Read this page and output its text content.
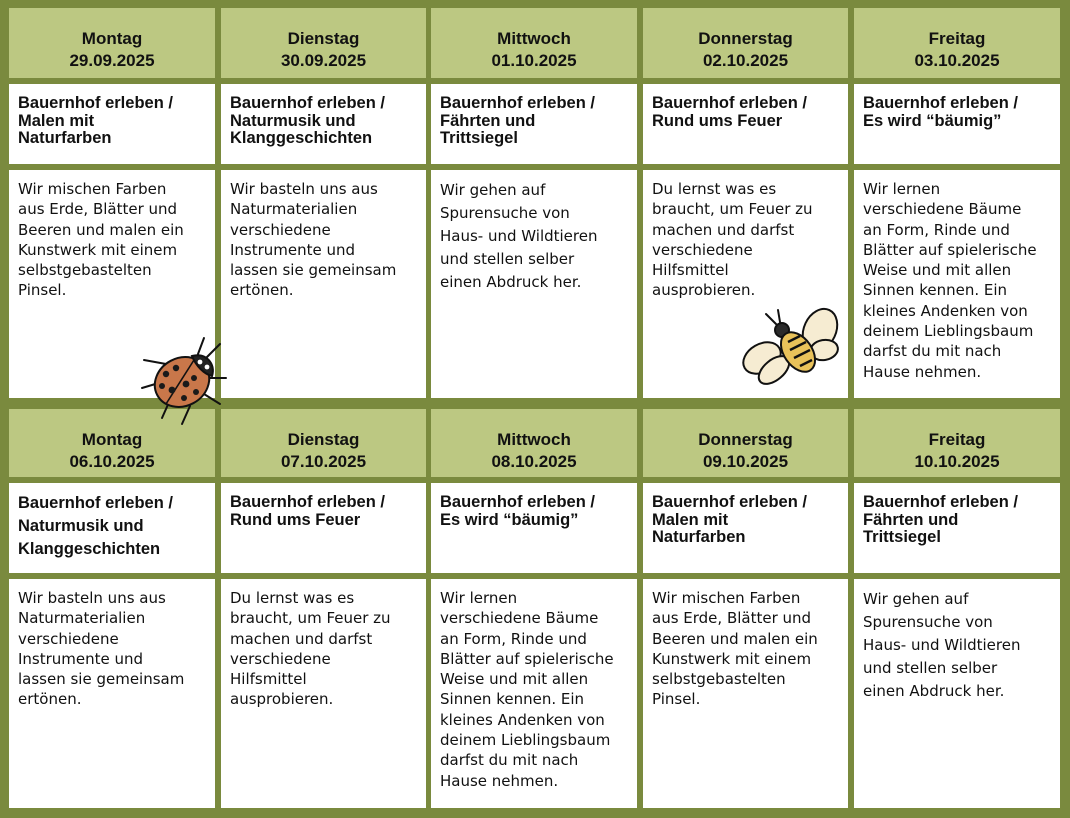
Montag
29.09.2025
Dienstag
30.09.2025
Mittwoch
01.10.2025
Donnerstag
02.10.2025
Freitag
03.10.2025
Bauernhof erleben /
Malen mit
Naturfarben
Bauernhof erleben /
Naturmusik und
Klanggeschichten
Bauernhof erleben /
Fährten und
Trittsiegel
Bauernhof erleben /
Rund ums Feuer
Bauernhof erleben /
Es wird “bäumig”
Wir mischen Farben
aus Erde, Blätter und
Beeren und malen ein
Kunstwerk mit einem
selbstgebastelten
Pinsel.
Wir basteln uns aus
Naturmaterialien
verschiedene
Instrumente und
lassen sie gemeinsam
ertönen.
Wir gehen auf
Spurensuche von
Haus- und Wildtieren
und stellen selber
einen Abdruck her.
Du lernst was es
braucht, um Feuer zu
machen und darfst
verschiedene
Hilfsmittel
ausprobieren.
Wir lernen
verschiedene Bäume
an Form, Rinde und
Blätter auf spielerische
Weise und mit allen
Sinnen kennen. Ein
kleines Andenken von
deinem Lieblingsbaum
darfst du mit nach
Hause nehmen.
Montag
06.10.2025
Dienstag
07.10.2025
Mittwoch
08.10.2025
Donnerstag
09.10.2025
Freitag
10.10.2025
Bauernhof erleben /
Naturmusik und
Klanggeschichten
Bauernhof erleben /
Rund ums Feuer
Bauernhof erleben /
Es wird “bäumig”
Bauernhof erleben /
Malen mit
Naturfarben
Bauernhof erleben /
Fährten und
Trittsiegel
Wir basteln uns aus
Naturmaterialien
verschiedene
Instrumente und
lassen sie gemeinsam
ertönen.
Du lernst was es
braucht, um Feuer zu
machen und darfst
verschiedene
Hilfsmittel
ausprobieren.
Wir lernen
verschiedene Bäume
an Form, Rinde und
Blätter auf spielerische
Weise und mit allen
Sinnen kennen. Ein
kleines Andenken von
deinem Lieblingsbaum
darfst du mit nach
Hause nehmen.
Wir mischen Farben
aus Erde, Blätter und
Beeren und malen ein
Kunstwerk mit einem
selbstgebastelten
Pinsel.
Wir gehen auf
Spurensuche von
Haus- und Wildtieren
und stellen selber
einen Abdruck her.
